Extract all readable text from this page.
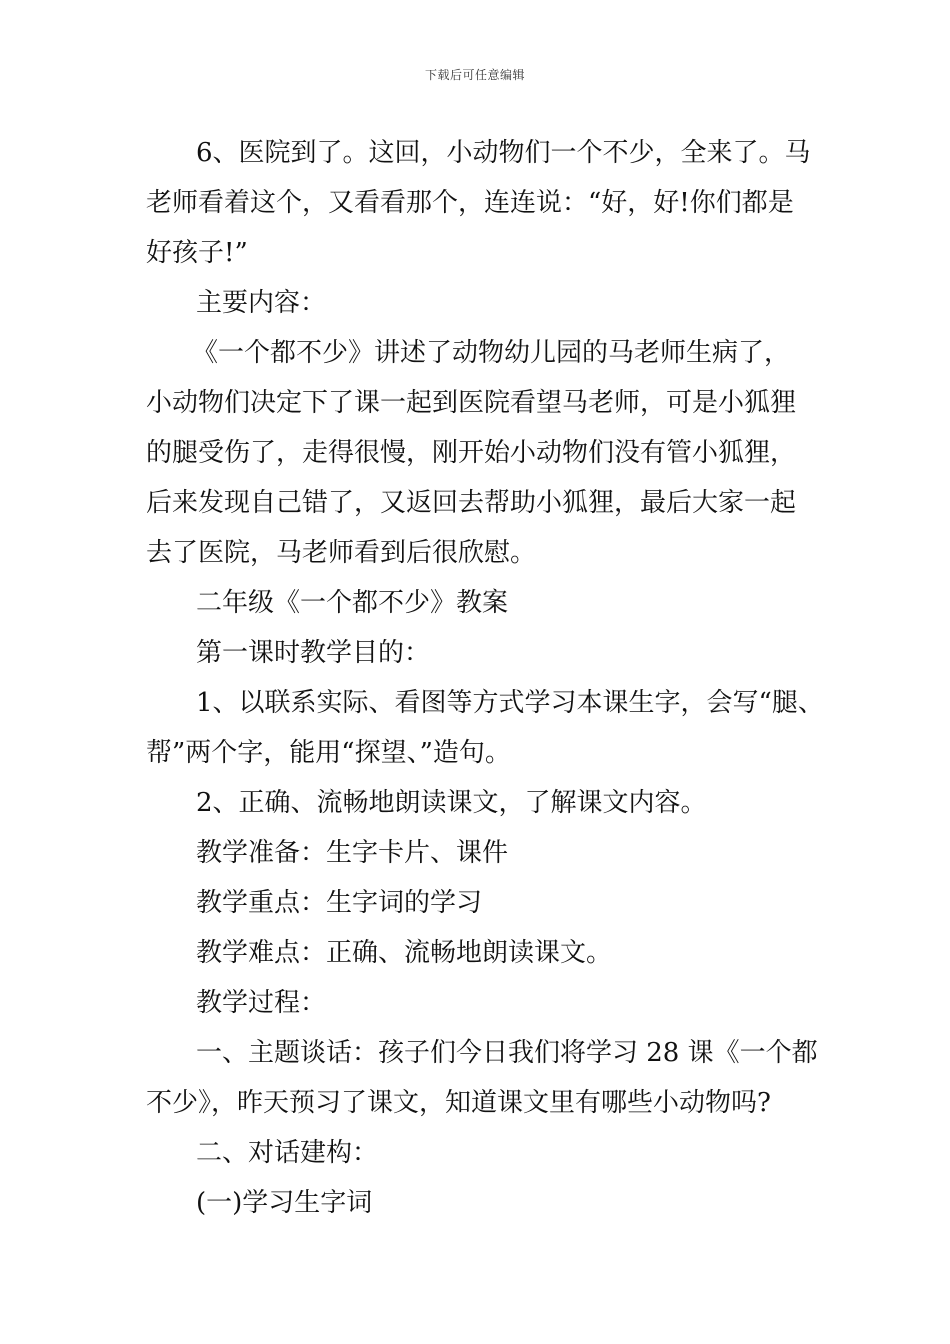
下载后可任意编辑
6、医院到了。这回，小动物们一个不少，全来了。马
老师看着这个，又看看那个，连连说：“好，好!你们都是
好孩子!”
主要内容：
《一个都不少》讲述了动物幼儿园的马老师生病了，
小动物们决定下了课一起到医院看望马老师，可是小狐狸
的腿受伤了，走得很慢，刚开始小动物们没有管小狐狸，
后来发现自己错了，又返回去帮助小狐狸，最后大家一起
去了医院，马老师看到后很欣慰。
二年级《一个都不少》教案
第一课时教学目的：
1、以联系实际、看图等方式学习本课生字，会写“腿、
帮”两个字，能用“探望、”造句。
2、正确、流畅地朗读课文，了解课文内容。
教学准备：生字卡片、课件
教学重点：生字词的学习
教学难点：正确、流畅地朗读课文。
教学过程：
一、主题谈话：孩子们今日我们将学习 28 课《一个都
不少》，昨天预习了课文，知道课文里有哪些小动物吗?
二、对话建构：
(一)学习生字词
